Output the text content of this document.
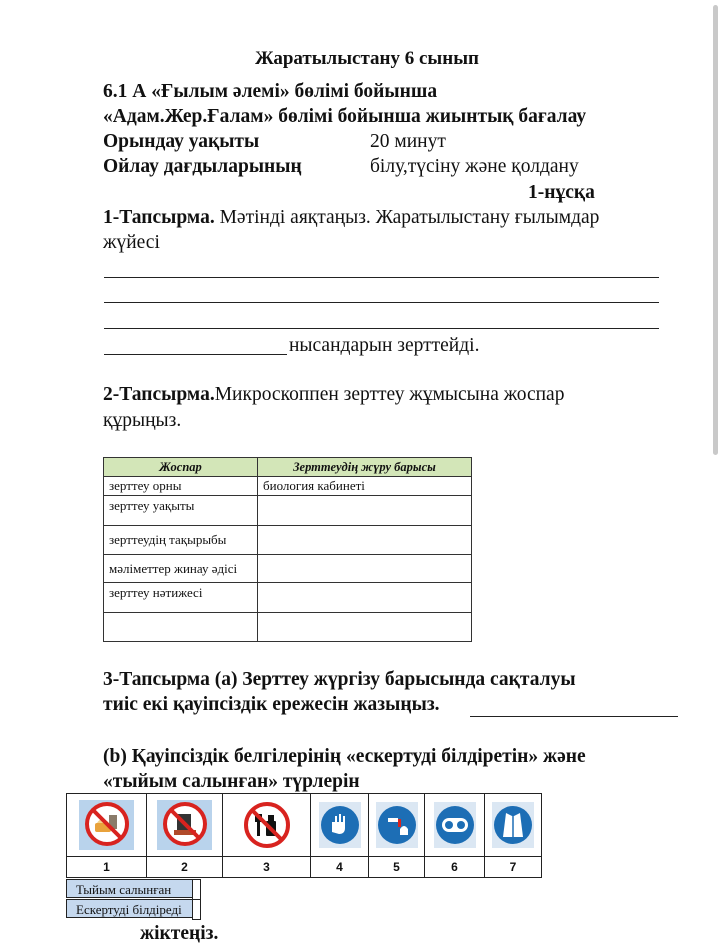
Жаратылыстану 6 сынып
6.1 А «Ғылым әлемі» бөлімі бойынша
«Адам.Жер.Ғалам» бөлімі бойынша жиынтық бағалау
Орындау уақыты	20 минут
Ойлау дағдыларының	білу,түсіну және қолдану
1-нұсқа
1-Тапсырма. Мәтінді аяқтаңыз. Жаратылыстану ғылымдар
жүйесі
нысандарын зерттейді.
2-Тапсырма.Микроскоппен зерттеу жұмысына жоспар
құрыңыз.
Жоспар	Зерттеудің жүру барысы
зерттеу орны	биология кабинеті
зерттеу уақыты	
зерттеудің тақырыбы	
мәліметтер жинау әдісі	
зерттеу нәтижесі	

3-Тапсырма (а) Зерттеу жүргізу барысында сақталуы
тиіс екі қауіпсіздік ережесін жазыңыз.
(b) Қауіпсіздік белгілерінің «ескертуді білдіретін» және
«тыйым салынған» түрлерін
1	2	3	4	5	6	7
Тыйым салынған
Ескертуді білдіреді
жіктеңіз.
